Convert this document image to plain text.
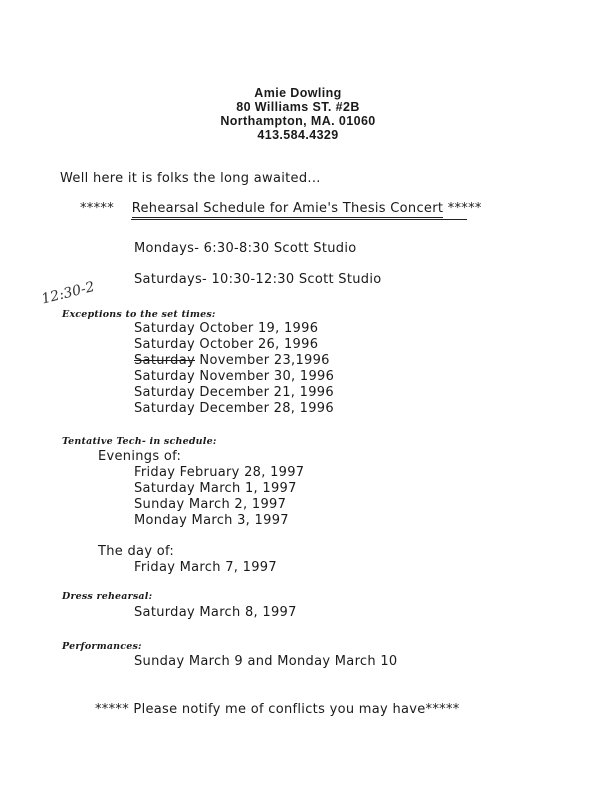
Amie Dowling
80 Williams ST. #2B
Northampton, MA. 01060
413.584.4329
Well here it is folks the long awaited...
***** Rehearsal Schedule for Amie's Thesis Concert *****
Mondays- 6:30-8:30 Scott Studio
Saturdays- 10:30-12:30 Scott Studio
12:30-2
Exceptions to the set times:
Saturday October 19, 1996
Saturday October 26, 1996
Saturday November 23,1996
Saturday November 30, 1996
Saturday December 21, 1996
Saturday December 28, 1996
Tentative Tech- in schedule:
Evenings of:
Friday February 28, 1997
Saturday March 1, 1997
Sunday March 2, 1997
Monday March 3, 1997
The day of:
Friday March 7, 1997
Dress rehearsal:
Saturday March 8, 1997
Performances:
Sunday March 9 and Monday March 10
***** Please notify me of conflicts you may have*****
